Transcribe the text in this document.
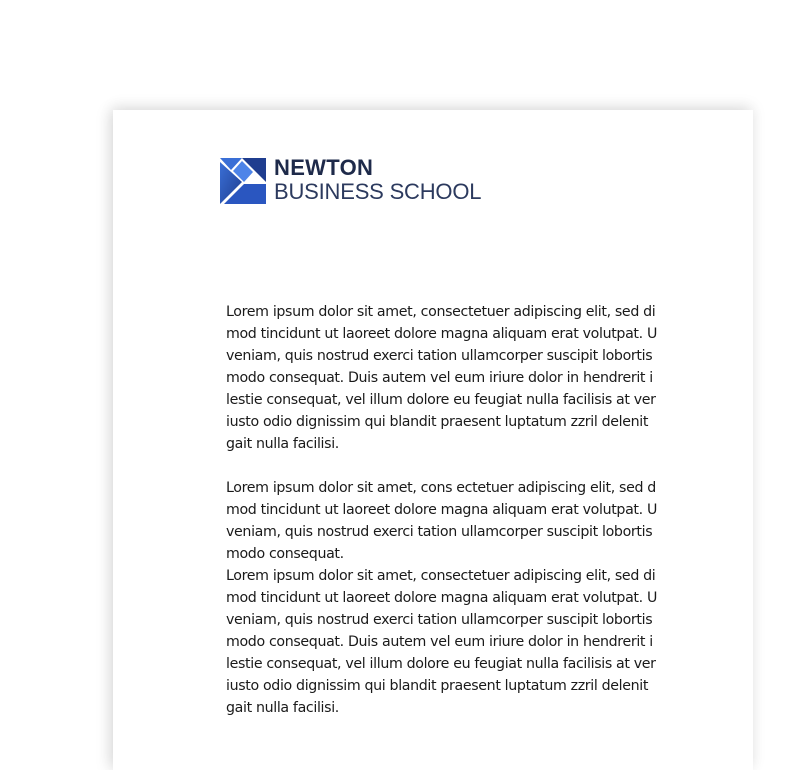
NEWTON
BUSINESS SCHOOL
Lorem ipsum dolor sit amet, consectetuer adipiscing elit, sed di
mod tincidunt ut laoreet dolore magna aliquam erat volutpat. U
veniam, quis nostrud exerci tation ullamcorper suscipit lobortis
modo consequat. Duis autem vel eum iriure dolor in hendrerit i
lestie consequat, vel illum dolore eu feugiat nulla facilisis at ver
iusto odio dignissim qui blandit praesent luptatum zzril delenit
gait nulla facilisi.
Lorem ipsum dolor sit amet, cons ectetuer adipiscing elit, sed d
mod tincidunt ut laoreet dolore magna aliquam erat volutpat. U
veniam, quis nostrud exerci tation ullamcorper suscipit lobortis
modo consequat.
Lorem ipsum dolor sit amet, consectetuer adipiscing elit, sed di
mod tincidunt ut laoreet dolore magna aliquam erat volutpat. U
veniam, quis nostrud exerci tation ullamcorper suscipit lobortis
modo consequat. Duis autem vel eum iriure dolor in hendrerit i
lestie consequat, vel illum dolore eu feugiat nulla facilisis at ver
iusto odio dignissim qui blandit praesent luptatum zzril delenit
gait nulla facilisi.
